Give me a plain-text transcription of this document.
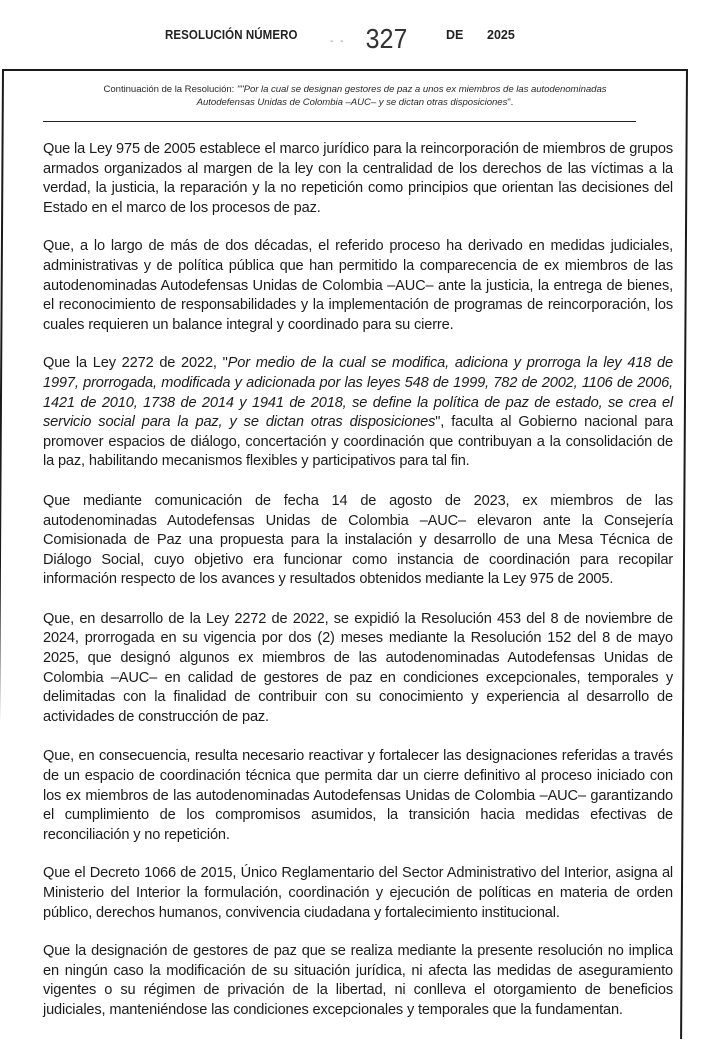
RESOLUCIÓN NÚMERO	- - 327	DE 2025
Continuación de la Resolución: ""Por la cual se designan gestores de paz a unos ex miembros de las autodenominadas
Autodefensas Unidas de Colombia –AUC– y se dictan otras disposiciones".

Que la Ley 975 de 2005 establece el marco jurídico para la reincorporación de miembros de grupos armados organizados al margen de la ley con la centralidad de los derechos de las víctimas a la verdad, la justicia, la reparación y la no repetición como principios que orientan las decisiones del Estado en el marco de los procesos de paz.

Que, a lo largo de más de dos décadas, el referido proceso ha derivado en medidas judiciales, administrativas y de política pública que han permitido la comparecencia de ex miembros de las autodenominadas Autodefensas Unidas de Colombia –AUC– ante la justicia, la entrega de bienes, el reconocimiento de responsabilidades y la implementación de programas de reincorporación, los cuales requieren un balance integral y coordinado para su cierre.

Que la Ley 2272 de 2022, "Por medio de la cual se modifica, adiciona y prorroga la ley 418 de 1997, prorrogada, modificada y adicionada por las leyes 548 de 1999, 782 de 2002, 1106 de 2006, 1421 de 2010, 1738 de 2014 y 1941 de 2018, se define la política de paz de estado, se crea el servicio social para la paz, y se dictan otras disposiciones", faculta al Gobierno nacional para promover espacios de diálogo, concertación y coordinación que contribuyan a la consolidación de la paz, habilitando mecanismos flexibles y participativos para tal fin.

Que mediante comunicación de fecha 14 de agosto de 2023, ex miembros de las autodenominadas Autodefensas Unidas de Colombia –AUC– elevaron ante la Consejería Comisionada de Paz una propuesta para la instalación y desarrollo de una Mesa Técnica de Diálogo Social, cuyo objetivo era funcionar como instancia de coordinación para recopilar información respecto de los avances y resultados obtenidos mediante la Ley 975 de 2005.

Que, en desarrollo de la Ley 2272 de 2022, se expidió la Resolución 453 del 8 de noviembre de 2024, prorrogada en su vigencia por dos (2) meses mediante la Resolución 152 del 8 de mayo 2025, que designó algunos ex miembros de las autodenominadas Autodefensas Unidas de Colombia –AUC– en calidad de gestores de paz en condiciones excepcionales, temporales y delimitadas con la finalidad de contribuir con su conocimiento y experiencia al desarrollo de actividades de construcción de paz.

Que, en consecuencia, resulta necesario reactivar y fortalecer las designaciones referidas a través de un espacio de coordinación técnica que permita dar un cierre definitivo al proceso iniciado con los ex miembros de las autodenominadas Autodefensas Unidas de Colombia –AUC– garantizando el cumplimiento de los compromisos asumidos, la transición hacia medidas efectivas de reconciliación y no repetición.

Que el Decreto 1066 de 2015, Único Reglamentario del Sector Administrativo del Interior, asigna al Ministerio del Interior la formulación, coordinación y ejecución de políticas en materia de orden público, derechos humanos, convivencia ciudadana y fortalecimiento institucional.

Que la designación de gestores de paz que se realiza mediante la presente resolución no implica en ningún caso la modificación de su situación jurídica, ni afecta las medidas de aseguramiento vigentes o su régimen de privación de la libertad, ni conlleva el otorgamiento de beneficios judiciales, manteniéndose las condiciones excepcionales y temporales que la fundamentan.
